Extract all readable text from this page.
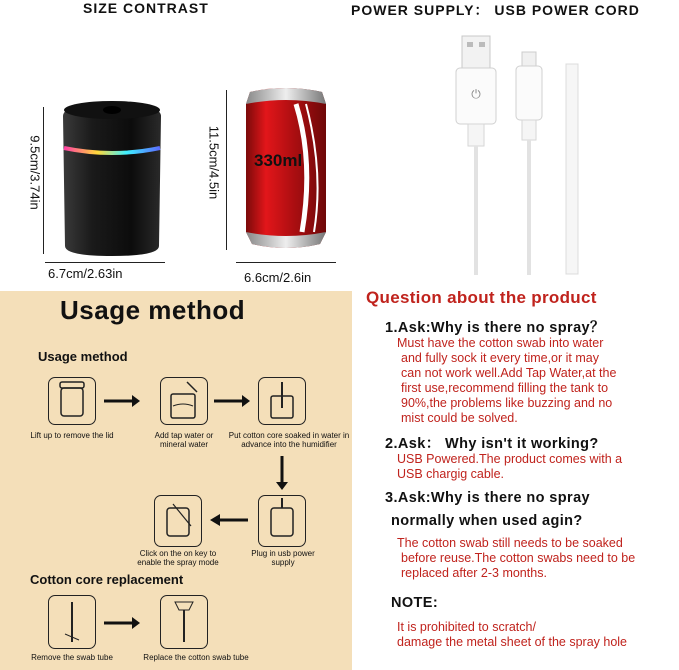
SIZE CONTRAST
9.5cm/3.74in
6.7cm/2.63in
330ml
11.5cm/4.5in
6.6cm/2.6in
POWER SUPPLY： USB POWER CORD
⏻
Usage method
Usage method
Lift up to remove the lid	Add tap water or mineral water
Put cotton core soaked in water in advance into the humidifier
Plug in usb power supply
Click on the on key to enable the spray mode
Cotton core replacement
Remove the swab tube	Replace the cotton swab tube
Question about the product
1.Ask:Why is there no spray？
Must have the cotton swab into water
and fully sock it every time,or it may
can not work well.Add Tap Water,at the
first use,recommend filling the tank to
90%,the problems like buzzing and no
mist could be solved.
2.Ask： Why isn't it working?
USB Powered.The product comes with a
USB chargig cable.
3.Ask:Why is there no spray
normally when used agin?
The cotton swab still needs to be soaked
before reuse.The cotton swabs need to be
replaced after 2-3 months.
NOTE:
It is prohibited to scratch/
damage the metal sheet of the spray hole
